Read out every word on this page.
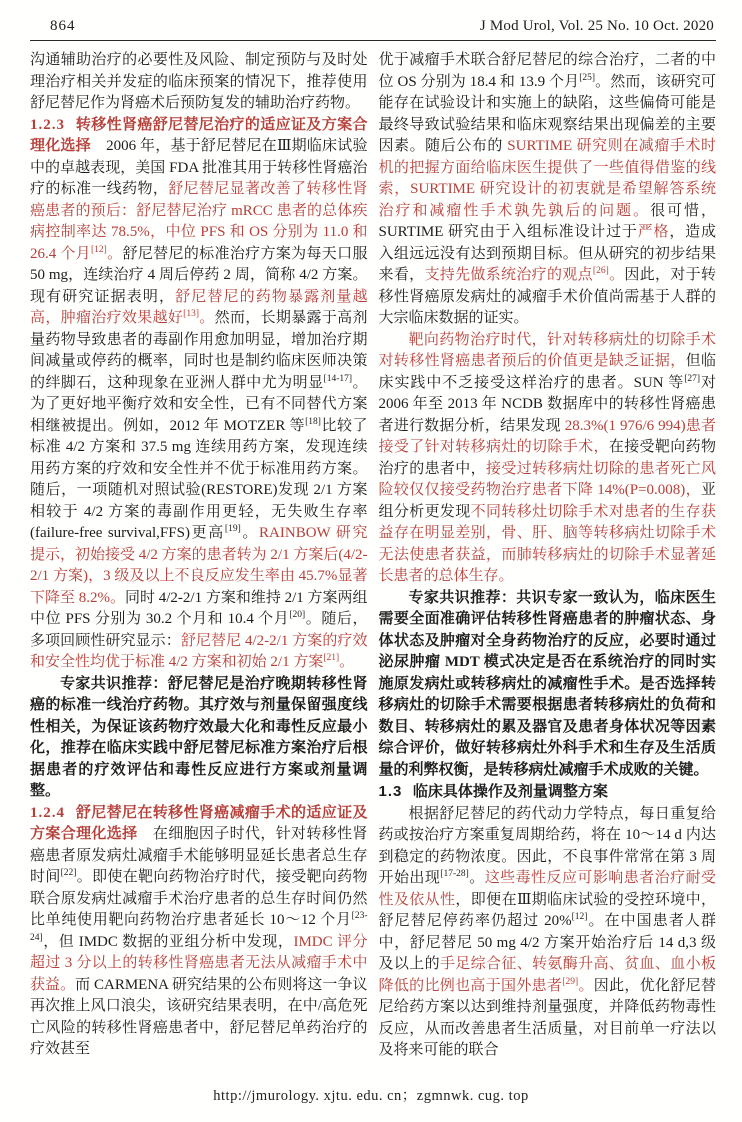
864	J Mod Urol, Vol. 25 No. 10 Oct. 2020

沟通辅助治疗的必要性及风险、制定预防与及时处理治疗相关并发症的临床预案的情况下，推荐使用舒尼替尼作为肾癌术后预防复发的辅助治疗药物。

1.2.3 转移性肾癌舒尼替尼治疗的适应证及方案合理化选择　2006 年，基于舒尼替尼在Ⅲ期临床试验中的卓越表现，美国 FDA 批准其用于转移性肾癌治疗的标准一线药物，舒尼替尼显著改善了转移性肾癌患者的预后：舒尼替尼治疗 mRCC 患者的总体疾病控制率达 78.5%，中位 PFS 和 OS 分别为 11.0 和 26.4 个月[12]。舒尼替尼的标准治疗方案为每天口服 50 mg，连续治疗 4 周后停药 2 周，简称 4/2 方案。现有研究证据表明，舒尼替尼的药物暴露剂量越高，肿瘤治疗效果越好[13]。然而，长期暴露于高剂量药物导致患者的毒副作用愈加明显，增加治疗期间减量或停药的概率，同时也是制约临床医师决策的绊脚石，这种现象在亚洲人群中尤为明显[14-17]。为了更好地平衡疗效和安全性，已有不同替代方案相继被提出。例如，2012 年 MOTZER 等[18]比较了标准 4/2 方案和 37.5 mg 连续用药方案，发现连续用药方案的疗效和安全性并不优于标准用药方案。随后，一项随机对照试验(RESTORE)发现 2/1 方案相较于 4/2 方案的毒副作用更轻，无失败生存率(failure-free survival,FFS)更高[19]。RAINBOW 研究提示，初始接受 4/2 方案的患者转为 2/1 方案后(4/2-2/1 方案)，3 级及以上不良反应发生率由 45.7%显著下降至 8.2%。同时 4/2-2/1 方案和维持 2/1 方案两组中位 PFS 分别为 30.2 个月和 10.4 个月[20]。随后，多项回顾性研究显示：舒尼替尼 4/2-2/1 方案的疗效和安全性均优于标准 4/2 方案和初始 2/1 方案[21]。

专家共识推荐：舒尼替尼是治疗晚期转移性肾癌的标准一线治疗药物。其疗效与剂量保留强度线性相关，为保证该药物疗效最大化和毒性反应最小化，推荐在临床实践中舒尼替尼标准方案治疗后根据患者的疗效评估和毒性反应进行方案或剂量调整。

1.2.4 舒尼替尼在转移性肾癌减瘤手术的适应证及方案合理化选择　在细胞因子时代，针对转移性肾癌患者原发病灶减瘤手术能够明显延长患者总生存时间[22]。即使在靶向药物治疗时代，接受靶向药物联合原发病灶减瘤手术治疗患者的总生存时间仍然比单纯使用靶向药物治疗患者延长 10～12 个月[23-24]，但 IMDC 数据的亚组分析中发现，IMDC 评分超过 3 分以上的转移性肾癌患者无法从减瘤手术中获益。而 CARMENA 研究结果的公布则将这一争议再次推上风口浪尖，该研究结果表明，在中/高危死亡风险的转移性肾癌患者中，舒尼替尼单药治疗的疗效甚至

优于减瘤手术联合舒尼替尼的综合治疗，二者的中位 OS 分别为 18.4 和 13.9 个月[25]。然而，该研究可能存在试验设计和实施上的缺陷，这些偏倚可能是最终导致试验结果和临床观察结果出现偏差的主要因素。随后公布的 SURTIME 研究则在减瘤手术时机的把握方面给临床医生提供了一些值得借鉴的线索，SURTIME 研究设计的初衷就是希望解答系统治疗和减瘤性手术孰先孰后的问题。很可惜，SURTIME 研究由于入组标准设计过于严格，造成入组远远没有达到预期目标。但从研究的初步结果来看，支持先做系统治疗的观点[26]。因此，对于转移性肾癌原发病灶的减瘤手术价值尚需基于人群的大宗临床数据的证实。

靶向药物治疗时代，针对转移病灶的切除手术对转移性肾癌患者预后的价值更是缺乏证据，但临床实践中不乏接受这样治疗的患者。SUN 等[27]对 2006 年至 2013 年 NCDB 数据库中的转移性肾癌患者进行数据分析，结果发现 28.3%(1 976/6 994)患者接受了针对转移病灶的切除手术，在接受靶向药物治疗的患者中，接受过转移病灶切除的患者死亡风险较仅仅接受药物治疗患者下降 14%(P=0.008)，亚组分析更发现不同转移灶切除手术对患者的生存获益存在明显差别，骨、肝、脑等转移病灶切除手术无法使患者获益，而肺转移病灶的切除手术显著延长患者的总体生存。

专家共识推荐：共识专家一致认为，临床医生需要全面准确评估转移性肾癌患者的肿瘤状态、身体状态及肿瘤对全身药物治疗的反应，必要时通过泌尿肿瘤 MDT 模式决定是否在系统治疗的同时实施原发病灶或转移病灶的减瘤性手术。是否选择转移病灶的切除手术需要根据患者转移病灶的负荷和数目、转移病灶的累及器官及患者身体状况等因素综合评价，做好转移病灶外科手术和生存及生活质量的利弊权衡，是转移病灶减瘤手术成败的关键。

1.3 临床具体操作及剂量调整方案

根据舒尼替尼的药代动力学特点，每日重复给药或按治疗方案重复周期给药，将在 10～14 d 内达到稳定的药物浓度。因此，不良事件常常在第 3 周开始出现[17-28]。这些毒性反应可影响患者治疗耐受性及依从性，即便在Ⅲ期临床试验的受控环境中，舒尼替尼停药率仍超过 20%[12]。在中国患者人群中，舒尼替尼 50 mg 4/2 方案开始治疗后 14 d,3 级及以上的手足综合征、转氨酶升高、贫血、血小板降低的比例也高于国外患者[29]。因此，优化舒尼替尼给药方案以达到维持剂量强度，并降低药物毒性反应，从而改善患者生活质量，对目前单一疗法以及将来可能的联合

http://jmurology. xjtu. edu. cn；zgmnwk. cug. top
